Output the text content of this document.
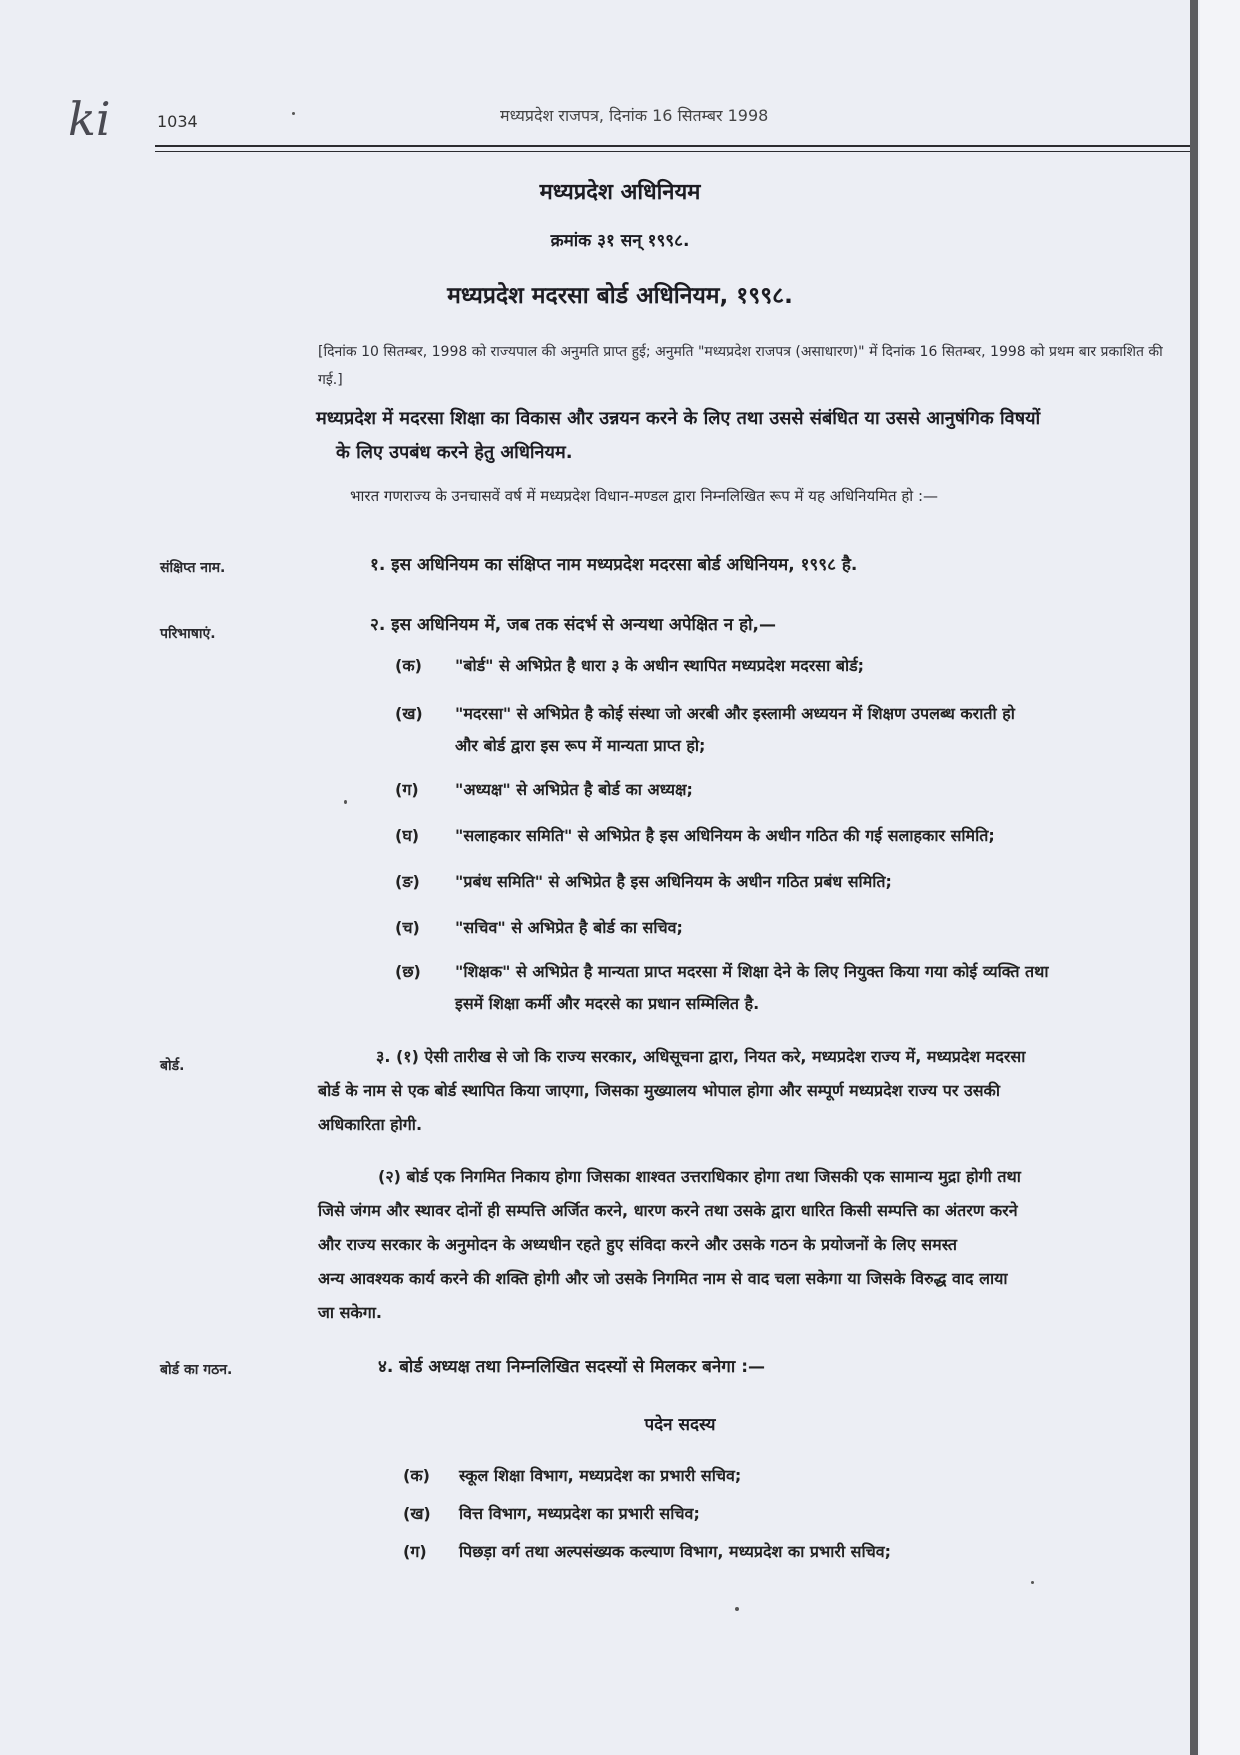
ki	1034	मध्यप्रदेश राजपत्र, दिनांक 16 सितम्बर 1998
मध्यप्रदेश अधिनियम
क्रमांक ३१ सन् १९९८.
मध्यप्रदेश मदरसा बोर्ड अधिनियम, १९९८.
[दिनांक 10 सितम्बर, 1998 को राज्यपाल की अनुमति प्राप्त हुई; अनुमति "मध्यप्रदेश राजपत्र (असाधारण)" में दिनांक 16 सितम्बर, 1998 को प्रथम बार प्रकाशित की गई.]
मध्यप्रदेश में मदरसा शिक्षा का विकास और उन्नयन करने के लिए तथा उससे संबंधित या उससे आनुषंगिक विषयों
के लिए उपबंध करने हेतु अधिनियम.
भारत गणराज्य के उनचासवें वर्ष में मध्यप्रदेश विधान-मण्डल द्वारा निम्नलिखित रूप में यह अधिनियमित हो :—
संक्षिप्त नाम.	१. इस अधिनियम का संक्षिप्त नाम मध्यप्रदेश मदरसा बोर्ड अधिनियम, १९९८ है.
परिभाषाएं.	२. इस अधिनियम में, जब तक संदर्भ से अन्यथा अपेक्षित न हो,—
(क)	"बोर्ड" से अभिप्रेत है धारा ३ के अधीन स्थापित मध्यप्रदेश मदरसा बोर्ड;
(ख)	"मदरसा" से अभिप्रेत है कोई संस्था जो अरबी और इस्लामी अध्ययन में शिक्षण उपलब्ध कराती हो
और बोर्ड द्वारा इस रूप में मान्यता प्राप्त हो;
(ग)	"अध्यक्ष" से अभिप्रेत है बोर्ड का अध्यक्ष;
(घ)	"सलाहकार समिति" से अभिप्रेत है इस अधिनियम के अधीन गठित की गई सलाहकार समिति;
(ङ)	"प्रबंध समिति" से अभिप्रेत है इस अधिनियम के अधीन गठित प्रबंध समिति;
(च)	"सचिव" से अभिप्रेत है बोर्ड का सचिव;
(छ)	"शिक्षक" से अभिप्रेत है मान्यता प्राप्त मदरसा में शिक्षा देने के लिए नियुक्त किया गया कोई व्यक्ति तथा
इसमें शिक्षा कर्मी और मदरसे का प्रधान सम्मिलित है.
बोर्ड.	३. (१) ऐसी तारीख से जो कि राज्य सरकार, अधिसूचना द्वारा, नियत करे, मध्यप्रदेश राज्य में, मध्यप्रदेश मदरसा
बोर्ड के नाम से एक बोर्ड स्थापित किया जाएगा, जिसका मुख्यालय भोपाल होगा और सम्पूर्ण मध्यप्रदेश राज्य पर उसकी
अधिकारिता होगी.
(२) बोर्ड एक निगमित निकाय होगा जिसका शाश्वत उत्तराधिकार होगा तथा जिसकी एक सामान्य मुद्रा होगी तथा
जिसे जंगम और स्थावर दोनों ही सम्पत्ति अर्जित करने, धारण करने तथा उसके द्वारा धारित किसी सम्पत्ति का अंतरण करने
और राज्य सरकार के अनुमोदन के अध्यधीन रहते हुए संविदा करने और उसके गठन के प्रयोजनों के लिए समस्त
अन्य आवश्यक कार्य करने की शक्ति होगी और जो उसके निगमित नाम से वाद चला सकेगा या जिसके विरुद्ध वाद लाया
जा सकेगा.
बोर्ड का गठन.	४. बोर्ड अध्यक्ष तथा निम्नलिखित सदस्यों से मिलकर बनेगा :—
पदेन सदस्य
(क) स्कूल शिक्षा विभाग, मध्यप्रदेश का प्रभारी सचिव;
(ख) वित्त विभाग, मध्यप्रदेश का प्रभारी सचिव;
(ग) पिछड़ा वर्ग तथा अल्पसंख्यक कल्याण विभाग, मध्यप्रदेश का प्रभारी सचिव;
